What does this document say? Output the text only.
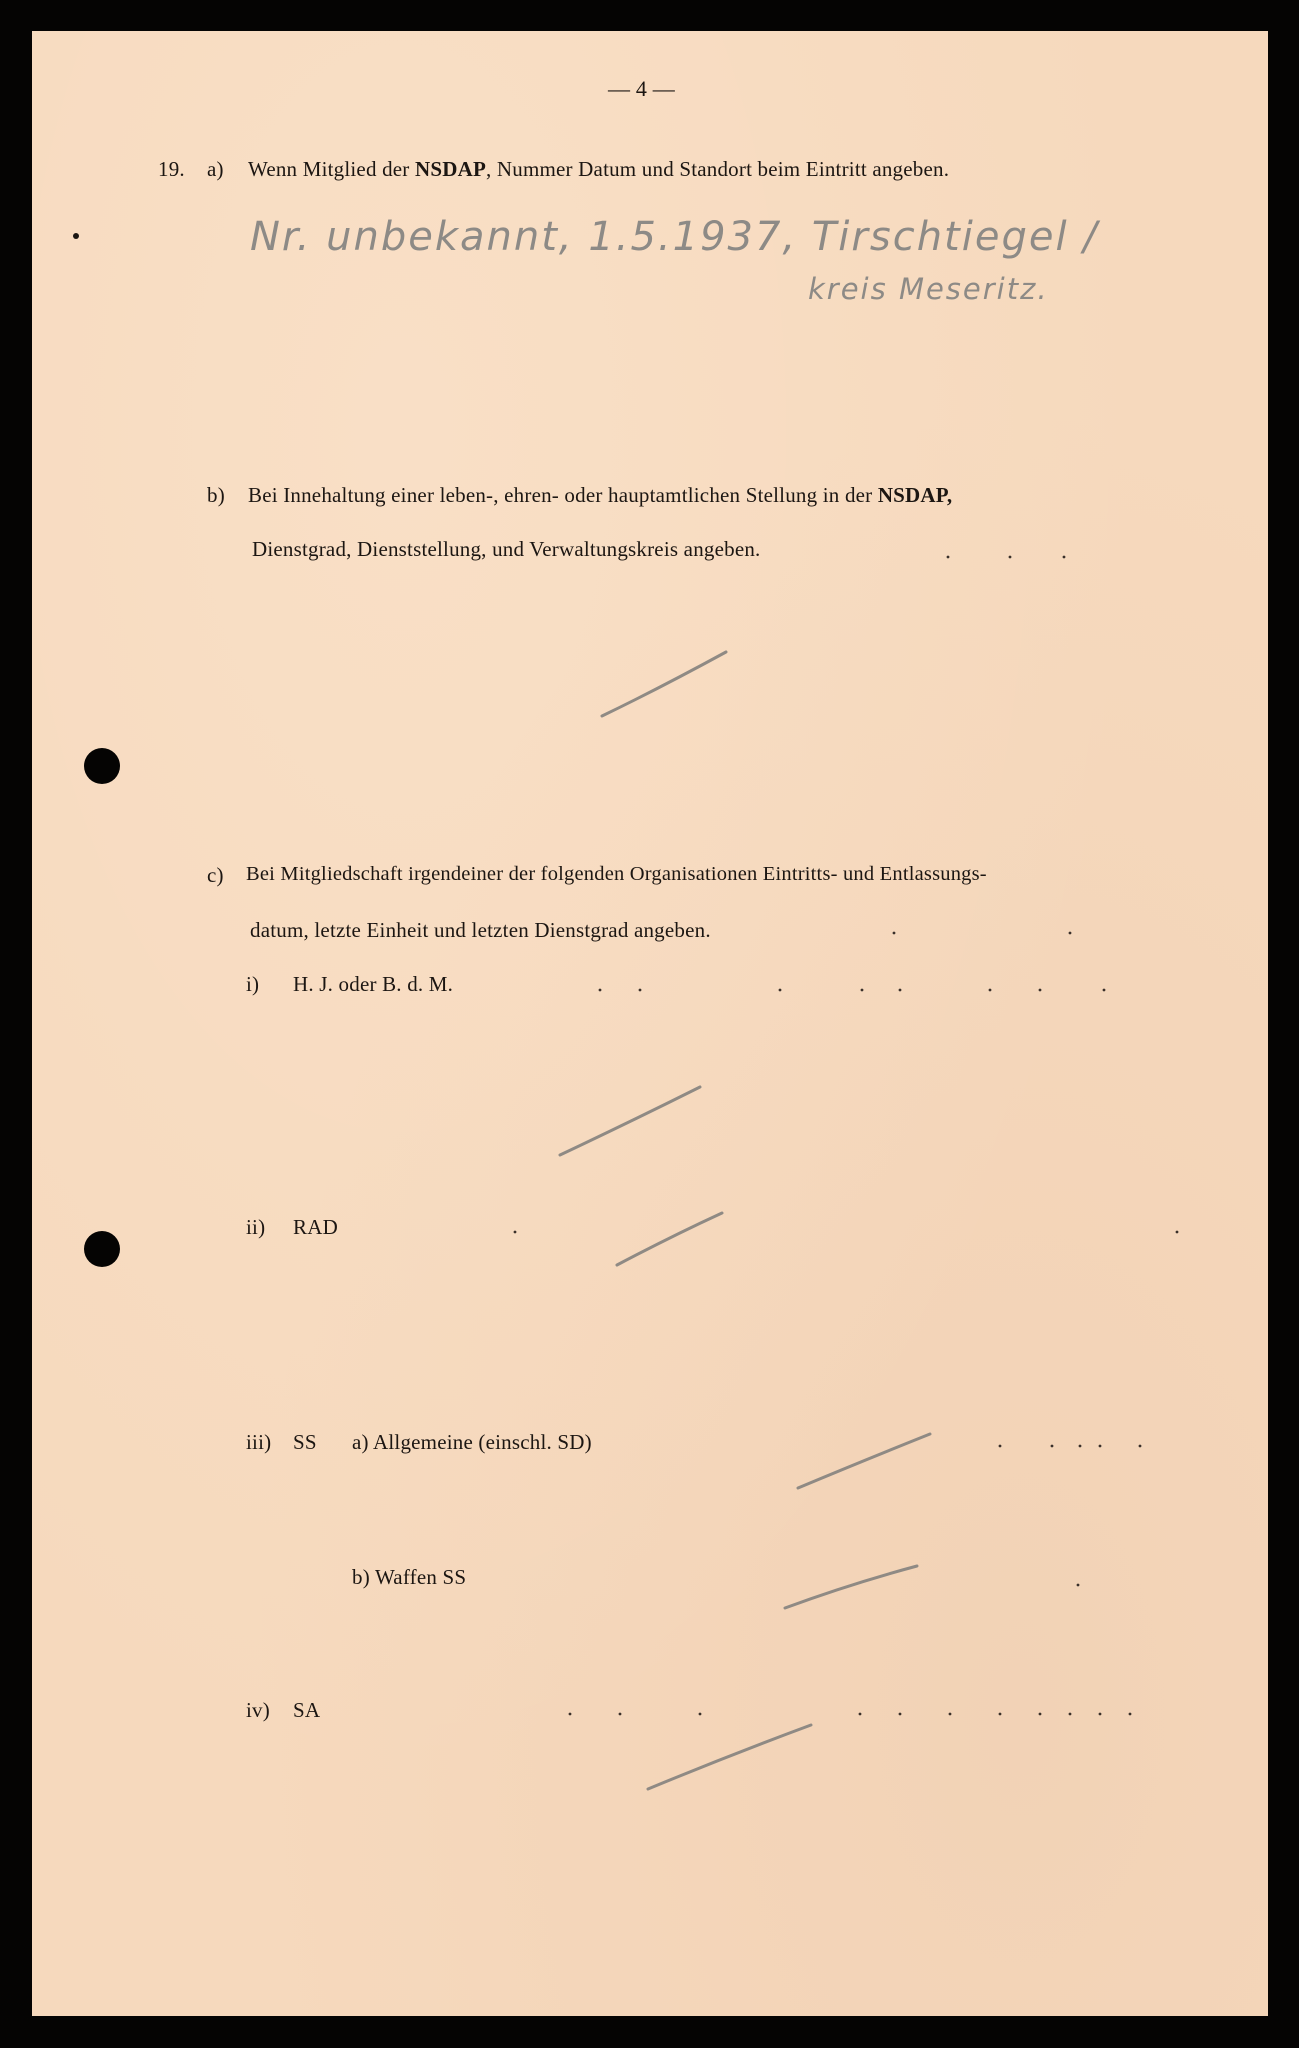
— 4 —
19. a) Wenn Mitglied der NSDAP, Nummer Datum und Standort beim Eintritt angeben.
Nr. unbekannt, 1.5.1937, Tirschtiegel /
kreis Meseritz.
b) Bei Innehaltung einer leben-, ehren- oder hauptamtlichen Stellung in der NSDAP,
Dienstgrad, Dienststellung, und Verwaltungskreis angeben.
c) Bei Mitgliedschaft irgendeiner der folgenden Organisationen Eintritts- und Entlassungs-
datum, letzte Einheit und letzten Dienstgrad angeben.
i) H. J. oder B. d. M.
ii) RAD
iii) SS a) Allgemeine (einschl. SD)
b) Waffen SS
iv) SA
